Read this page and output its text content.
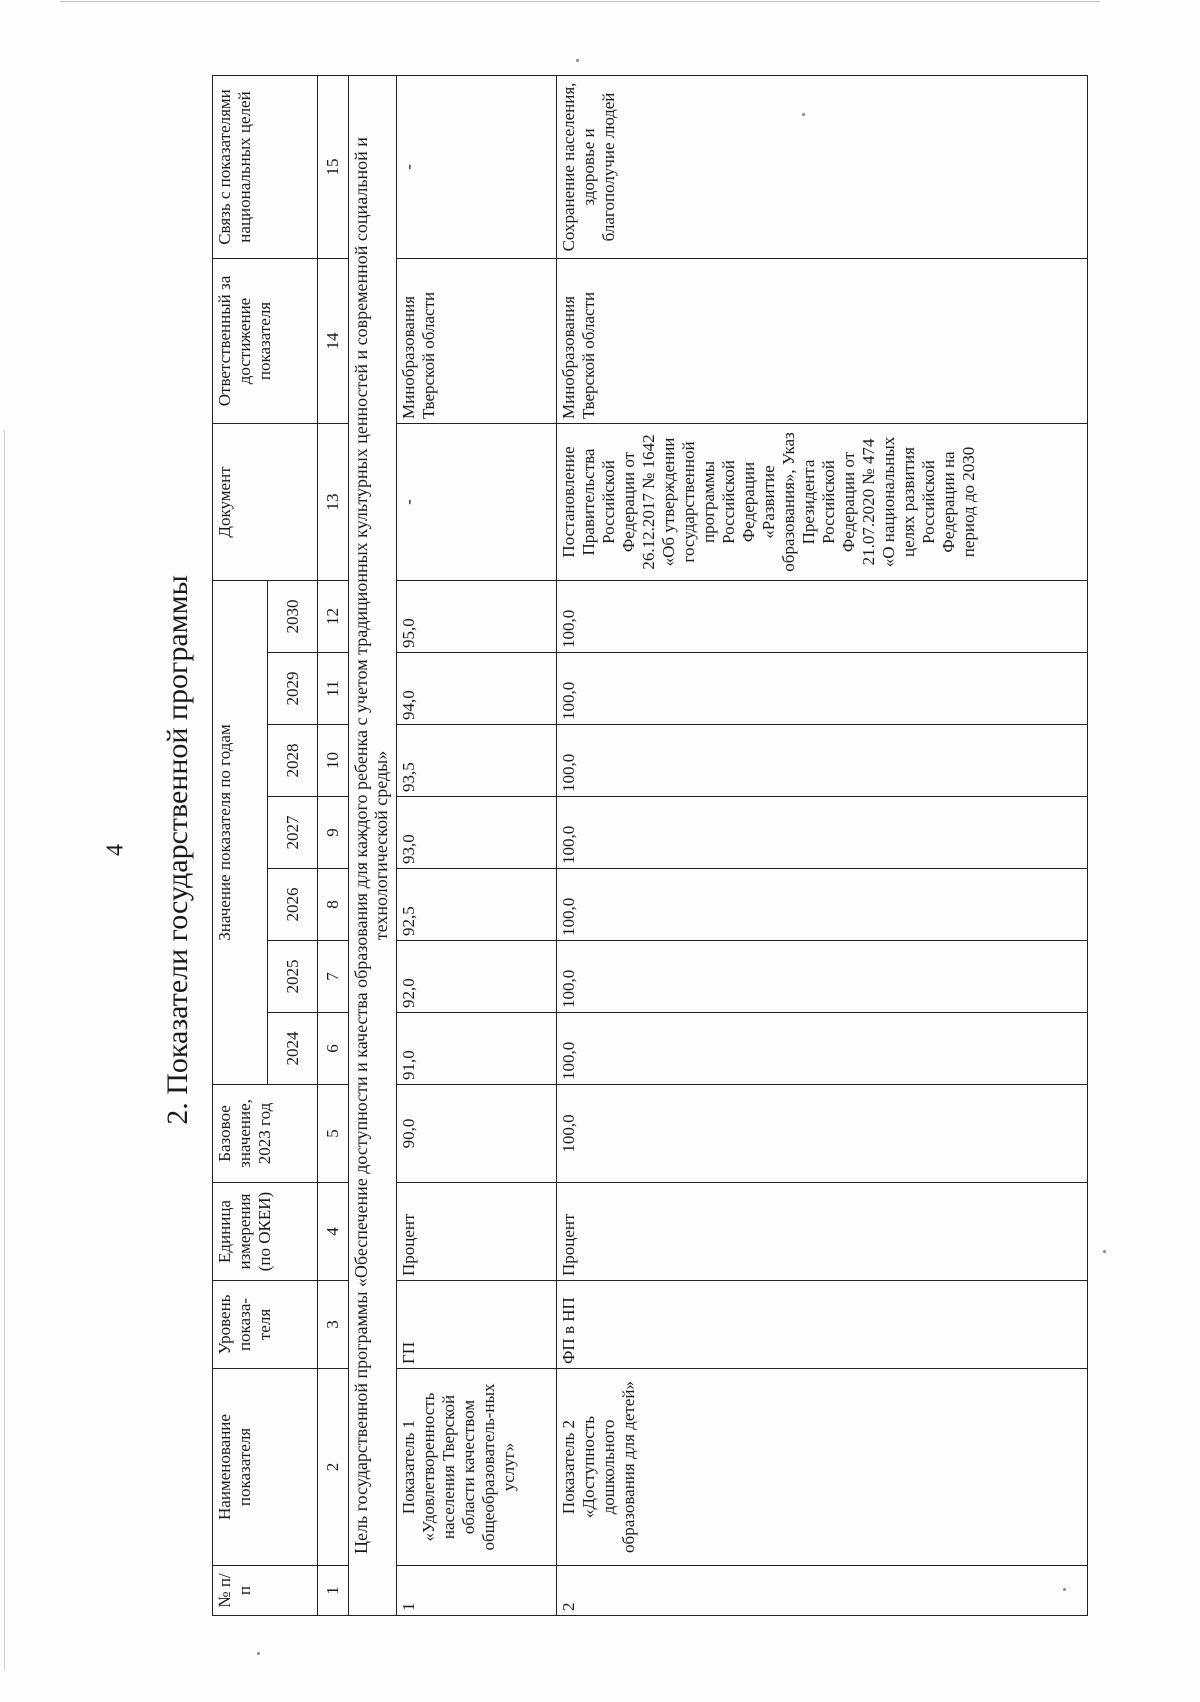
4 2. Показатели государственной программы
№ п/п	Наименование показателя	Уровень показа-теля	Единица измерения (по ОКЕИ)	Базовое значение, 2023 год	Значение показателя по годам							Документ	Ответственный за достижение показателя	Связь с показателями национальных целей
					2024	2025	2026	2027	2028	2029	2030			
1	2	3	4	5	6	7	8	9	10	11	12	13	14	15
Цель государственной программы «Обеспечение доступности и качества образования для каждого ребенка с учетом традиционных культурных ценностей и современной социальной и технологической среды»														
1	Показатель 1 «Удовлетворенность населения Тверской области качеством общеобразователь-ных услуг»	ГП	Процент	90,0	91,0	92,0	92,5	93,0	93,5	94,0	95,0	-	Минобразования Тверской области	-
2	Показатель 2 «Доступность дошкольного образования для детей»	ФП в НП	Процент	100,0	100,0	100,0	100,0	100,0	100,0	100,0	100,0	Постановление Правительства Российской Федерации от 26.12.2017 № 1642 «Об утверждении государственной программы Российской Федерации «Развитие образования», Указ Президента Российской Федерации от 21.07.2020 № 474 «О национальных целях развития Российской Федерации на период до 2030	Минобразования Тверской области	Сохранение населения, здоровье и благополучие людей
